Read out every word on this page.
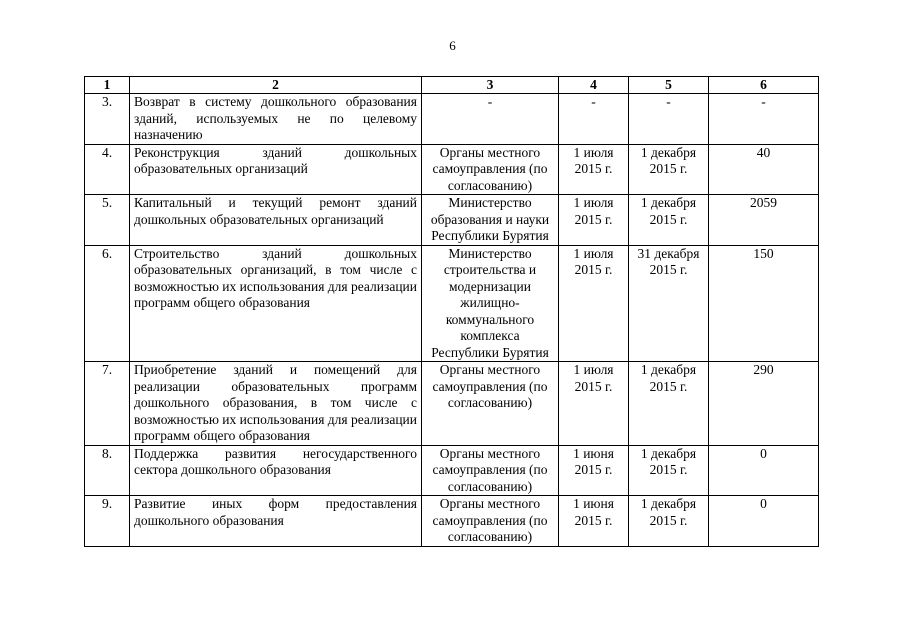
6
1	2	3	4	5	6
3.	Возврат в систему дошкольного образования зданий, используемых не по целевому назначению	-	-	-	-
4.	Реконструкция зданий дошкольных образовательных организаций	Органы местного самоуправления (по согласованию)	1 июля 2015 г.	1 декабря 2015 г.	40
5.	Капитальный и текущий ремонт зданий дошкольных образовательных организаций	Министерство образования и науки Республики Бурятия	1 июля 2015 г.	1 декабря 2015 г.	2059
6.	Строительство зданий дошкольных образовательных организаций, в том числе с возможностью их использования для реализации программ общего образования	Министерство строительства и модернизации жилищно-коммунального комплекса Республики Бурятия	1 июля 2015 г.	31 декабря 2015 г.	150
7.	Приобретение зданий и помещений для реализации образовательных программ дошкольного образования, в том числе с возможностью их использования для реализации программ общего образования	Органы местного самоуправления (по согласованию)	1 июля 2015 г.	1 декабря 2015 г.	290
8.	Поддержка развития негосударственного сектора дошкольного образования	Органы местного самоуправления (по согласованию)	1 июня 2015 г.	1 декабря 2015 г.	0
9.	Развитие иных форм предоставления дошкольного образования	Органы местного самоуправления (по согласованию)	1 июня 2015 г.	1 декабря 2015 г.	0
